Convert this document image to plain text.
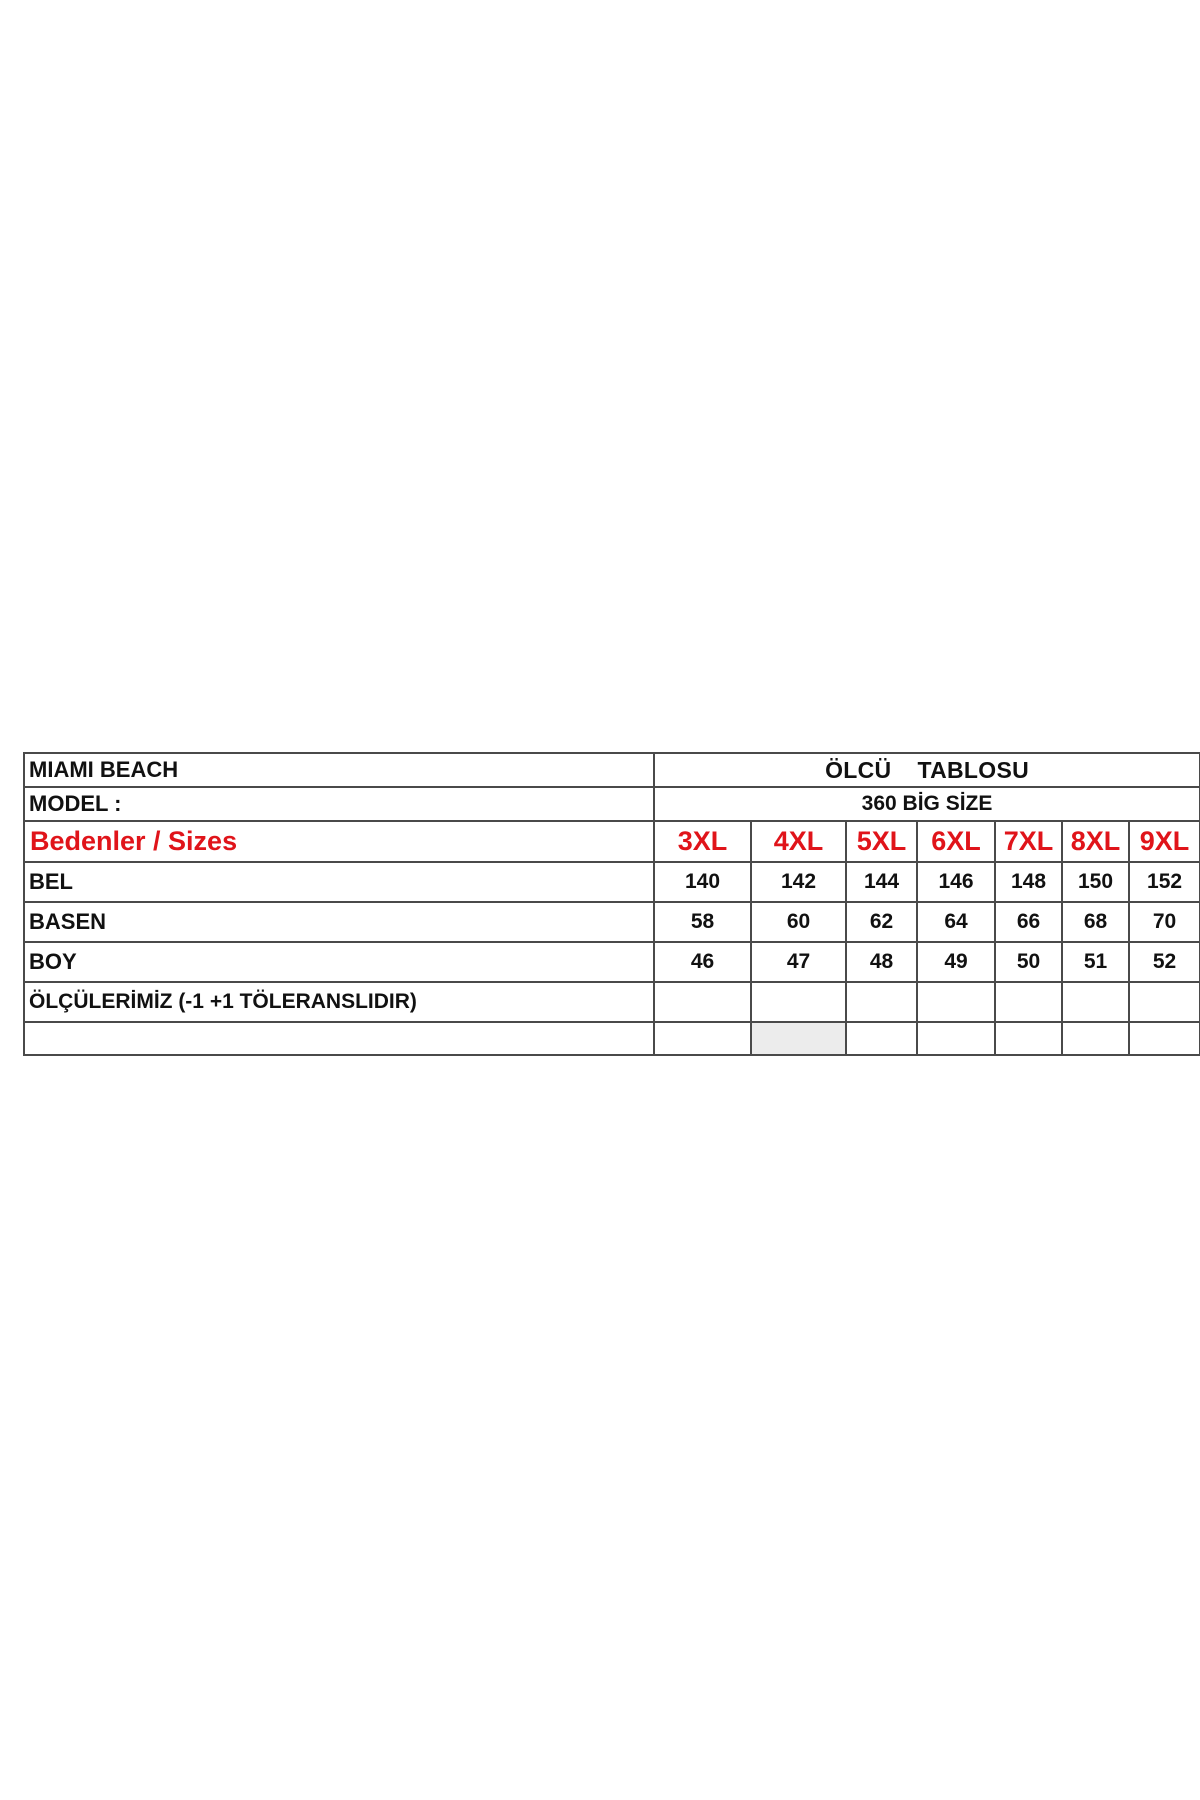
MIAMI BEACH	ÖLCÜ TABLOSU						
MODEL :	360 BİG SİZE						
Bedenler / Sizes	3XL	4XL	5XL	6XL	7XL	8XL	9XL
BEL	140	142	144	146	148	150	152
BASEN	58	60	62	64	66	68	70
BOY	46	47	48	49	50	51	52
ÖLÇÜLERİMİZ (-1 +1 TÖLERANSLIDIR)							
